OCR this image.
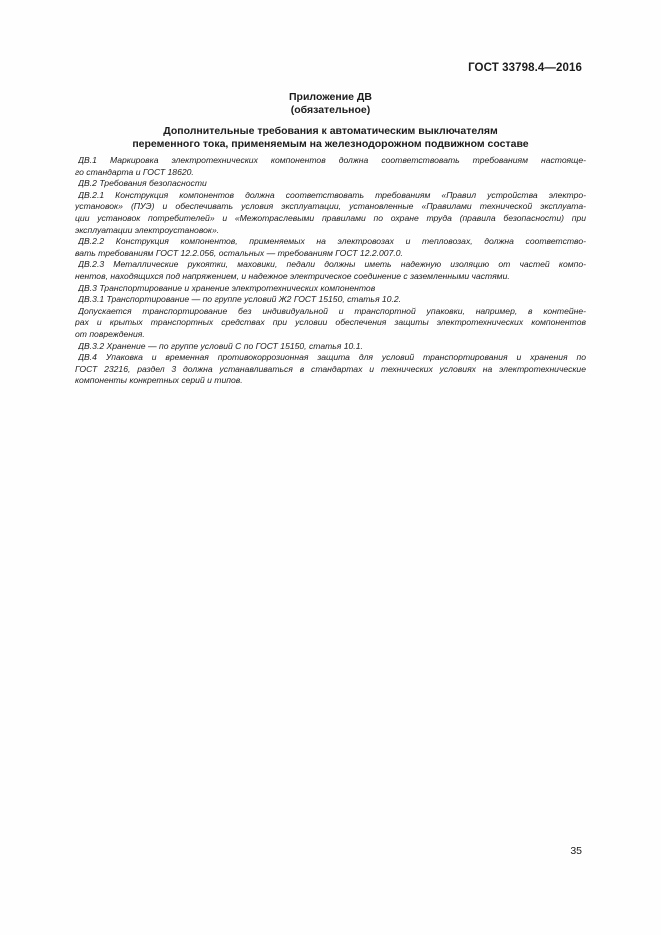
ГОСТ 33798.4—2016
Приложение ДВ
(обязательное)
Дополнительные требования к автоматическим выключателям
переменного тока, применяемым на железнодорожном подвижном составе
ДВ.1 Маркировка электротехнических компонентов должна соответствовать требованиям настояще-
го стандарта и ГОСТ 18620.
ДВ.2 Требования безопасности
ДВ.2.1 Конструкция компонентов должна соответствовать требованиям «Правил устройства электро-
установок» (ПУЭ) и обеспечивать условия эксплуатации, установленные «Правилами технической эксплуата-
ции установок потребителей» и «Межотраслевыми правилами по охране труда (правила безопасности) при
эксплуатации электроустановок».
ДВ.2.2 Конструкция компонентов, применяемых на электровозах и тепловозах, должна соответство-
вать требованиям ГОСТ 12.2.056, остальных — требованиям ГОСТ 12.2.007.0.
ДВ.2.3 Металлические рукоятки, маховики, педали должны иметь надежную изоляцию от частей компо-
нентов, находящихся под напряжением, и надежное электрическое соединение с заземленными частями.
ДВ.3 Транспортирование и хранение электротехнических компонентов
ДВ.3.1 Транспортирование — по группе условий Ж2 ГОСТ 15150, статья 10.2.
Допускается транспортирование без индивидуальной и транспортной упаковки, например, в контейне-
рах и крытых транспортных средствах при условии обеспечения защиты электротехнических компонентов
от повреждения.
ДВ.3.2 Хранение — по группе условий С по ГОСТ 15150, статья 10.1.
ДВ.4 Упаковка и временная противокоррозионная защита для условий транспортирования и хранения по
ГОСТ 23216, раздел 3 должна устанавливаться в стандартах и технических условиях на электротехнические
компоненты конкретных серий и типов.
35
